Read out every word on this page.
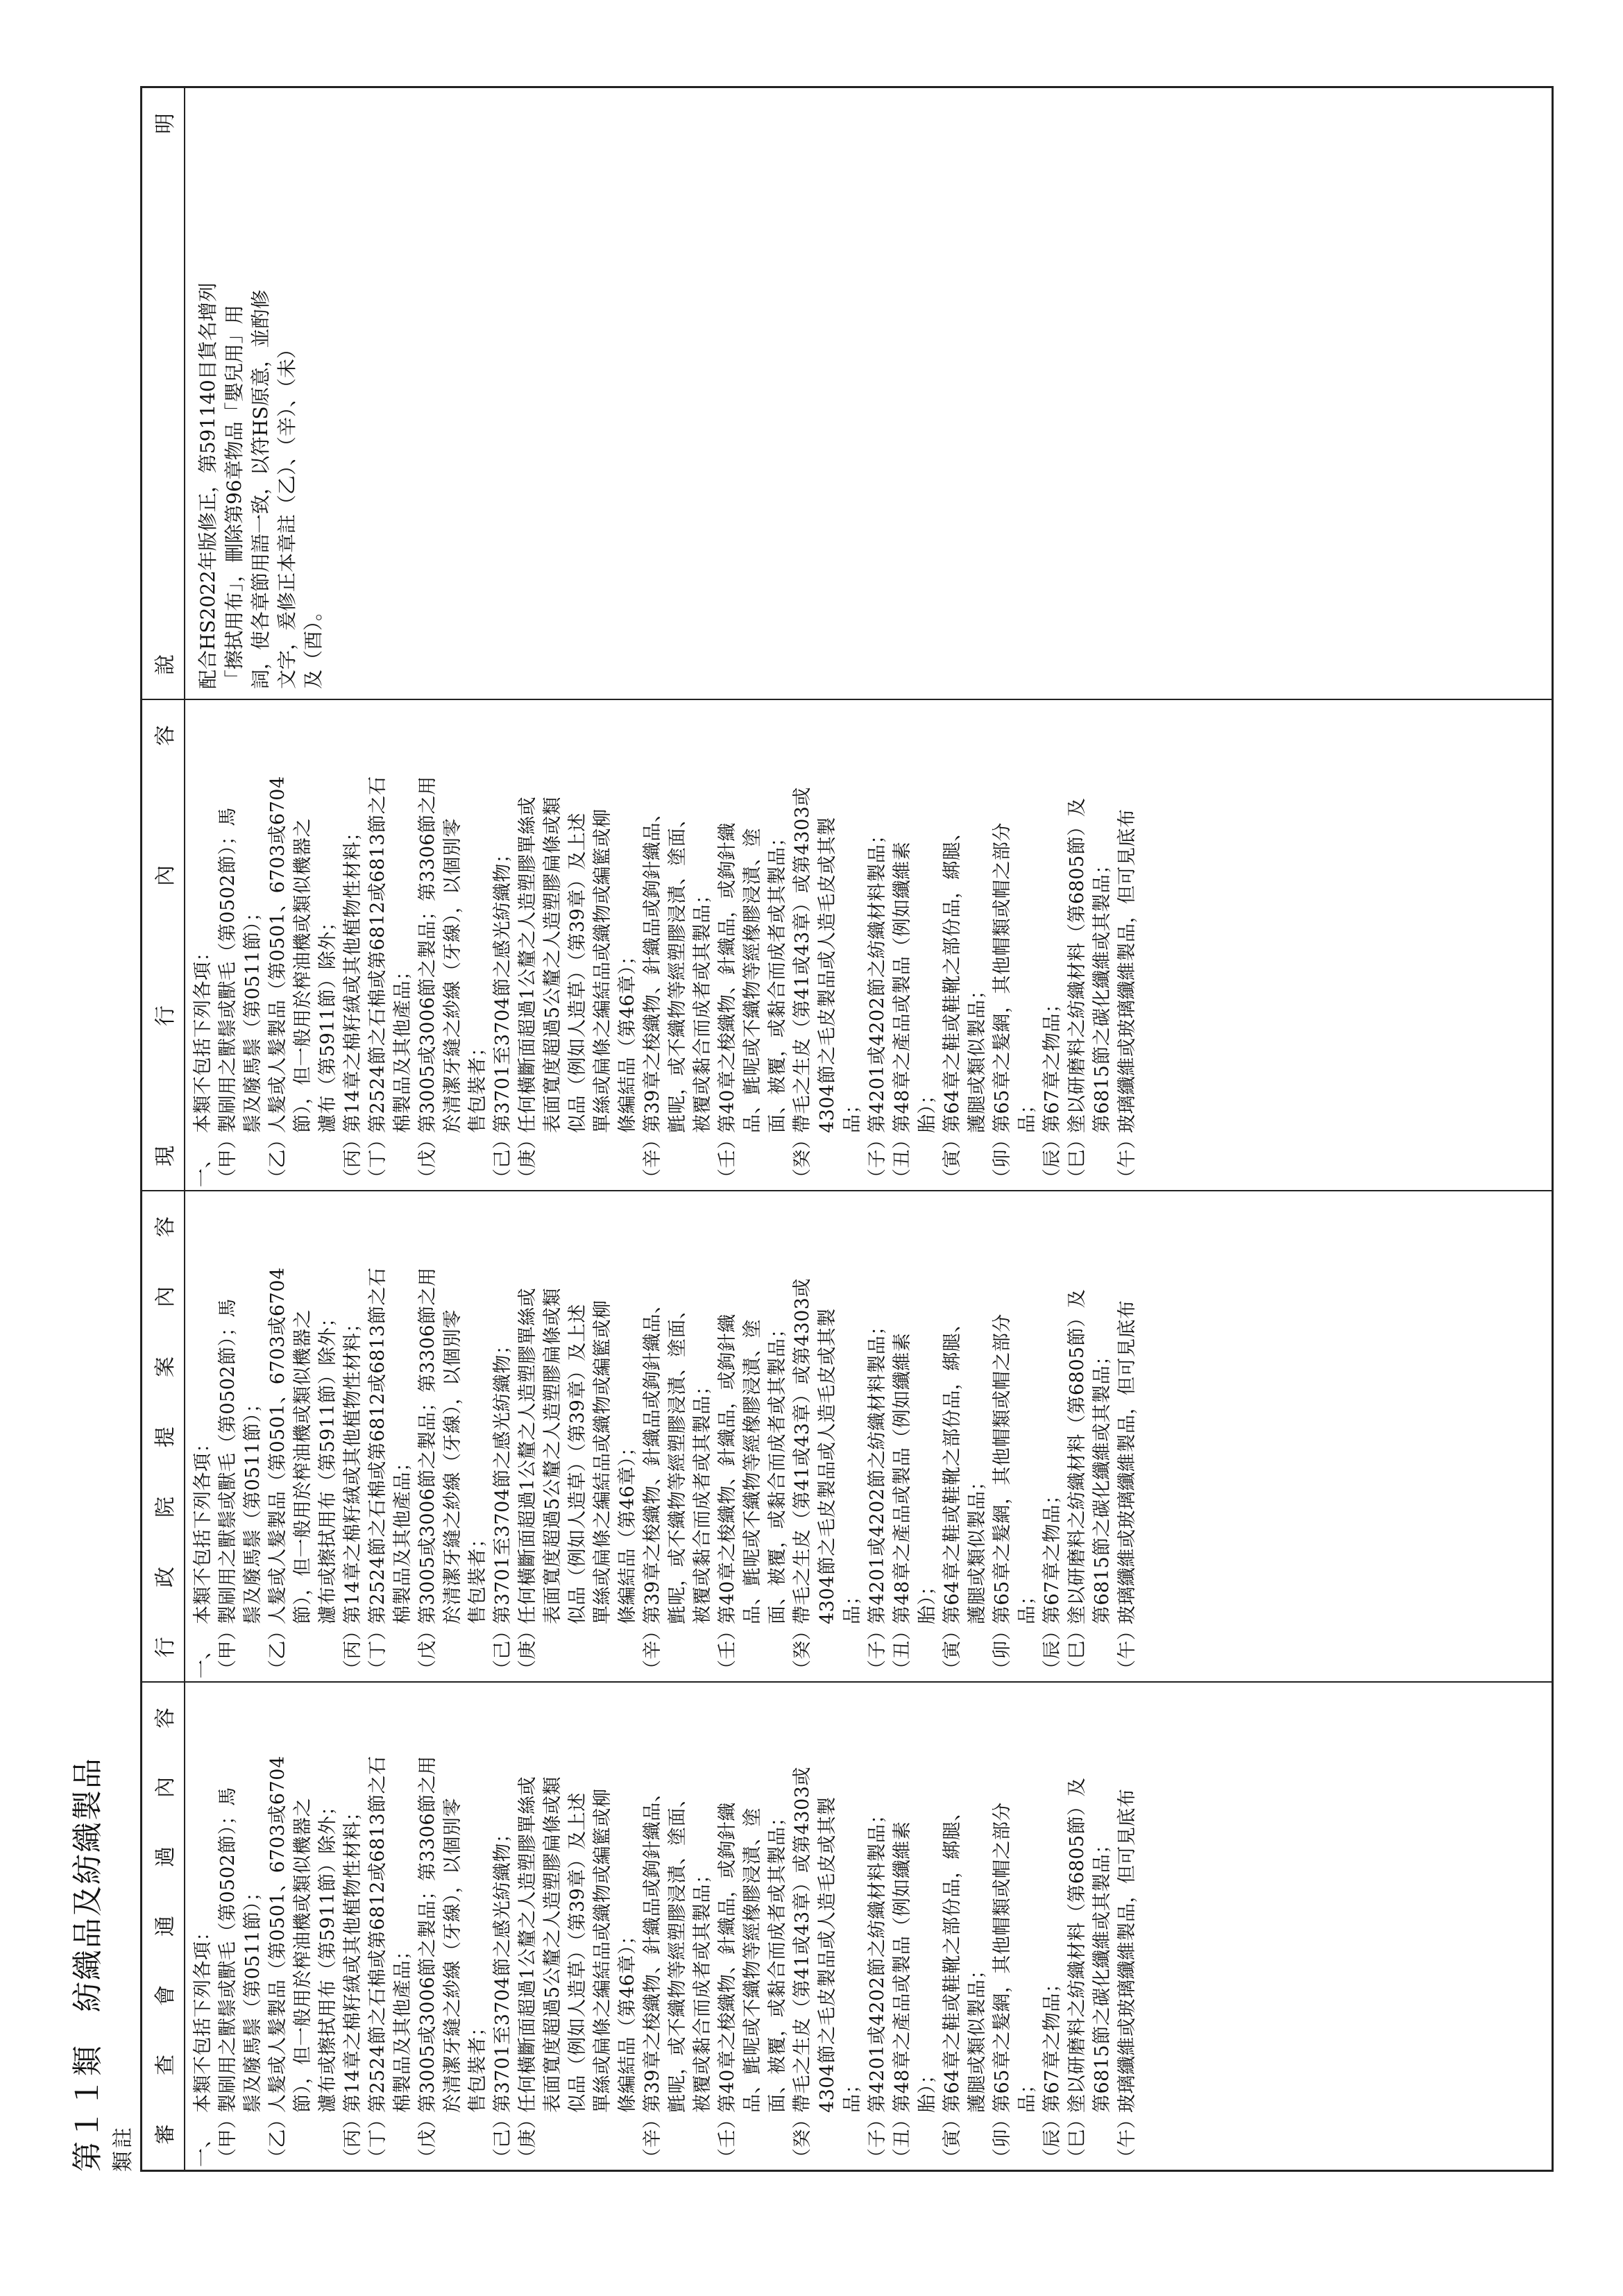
第１１類　紡織品及紡織製品 類註 審
查
會
通
過
內
容
行
政
院
提
案
內
容
現
行
內
容
說
明
一、
本類不包括下列各項：
（甲）
製刷用之獸鬃或獸毛（第0502節）；馬 鬃及廢馬鬃（第0511節）；
（乙）
人髮或人髮製品（第0501、6703或6704 節），但一般用於榨油機或類似機器之 濾布或擦拭用布（第5911節）除外；
（丙）
第14章之棉籽絨或其他植物性材料；
（丁）
第2524節之石棉或第6812或6813節之石 棉製品及其他產品；
（戊）
第3005或3006節之製品；第3306節之用 於清潔牙縫之紗線（牙線），以個別零 售包裝者；
（己）
第3701至3704節之感光紡織物；
（庚）
任何橫斷面超過1公釐之人造塑膠單絲或 表面寬度超過5公釐之人造塑膠扁條或類 似品（例如人造草）（第39章）及上述 單絲或扁條之編結品或織物或編籃或柳 條編結品（第46章）；
（辛）
第39章之梭織物、針織品或鉤針織品、 氈呢，或不織物等經塑膠浸漬、塗面、 被覆或黏合而成者或其製品；
（壬）
第40章之梭織物、針織品，或鉤針織 品、氈呢或不織物等經橡膠浸漬、塗 面、被覆，或黏合而成者或其製品；
（癸）
帶毛之生皮（第41或43章）或第4303或 4304節之毛皮製品或人造毛皮或其製 品；
（子）
第4201或4202節之紡織材料製品；
（丑）
第48章之產品或製品（例如纖維素 胎）；
（寅）
第64章之鞋或鞋靴之部份品，綁腿、 護腿或類似製品；
（卯）
第65章之髮網，其他帽類或帽之部分 品；
（辰）
第67章之物品；
（巳）
塗以研磨料之紡織材料（第6805節）及 第6815節之碳化纖維或其製品；
（午）
玻璃纖維或玻璃纖維製品，但可見底布
一、
本類不包括下列各項：
（甲）
製刷用之獸鬃或獸毛（第0502節）；馬 鬃及廢馬鬃（第0511節）；
（乙）
人髮或人髮製品（第0501、6703或6704 節），但一般用於榨油機或類似機器之 濾布或擦拭用布（第5911節）除外；
（丙）
第14章之棉籽絨或其他植物性材料；
（丁）
第2524節之石棉或第6812或6813節之石 棉製品及其他產品；
（戊）
第3005或3006節之製品；第3306節之用 於清潔牙縫之紗線（牙線），以個別零 售包裝者；
（己）
第3701至3704節之感光紡織物；
（庚）
任何橫斷面超過1公釐之人造塑膠單絲或 表面寬度超過5公釐之人造塑膠扁條或類 似品（例如人造草）（第39章）及上述 單絲或扁條之編結品或織物或編籃或柳 條編結品（第46章）；
（辛）
第39章之梭織物、針織品或鉤針織品、 氈呢，或不織物等經塑膠浸漬、塗面、 被覆或黏合而成者或其製品；
（壬）
第40章之梭織物、針織品，或鉤針織 品、氈呢或不織物等經橡膠浸漬、塗 面、被覆，或黏合而成者或其製品；
（癸）
帶毛之生皮（第41或43章）或第4303或 4304節之毛皮製品或人造毛皮或其製 品；
（子）
第4201或4202節之紡織材料製品；
（丑）
第48章之產品或製品（例如纖維素 胎）；
（寅）
第64章之鞋或鞋靴之部份品，綁腿、 護腿或類似製品；
（卯）
第65章之髮網，其他帽類或帽之部分 品；
（辰）
第67章之物品；
（巳）
塗以研磨料之紡織材料（第6805節）及 第6815節之碳化纖維或其製品；
（午）
玻璃纖維或玻璃纖維製品，但可見底布
一、
本類不包括下列各項：
（甲）
製刷用之獸鬃或獸毛（第0502節）；馬 鬃及廢馬鬃（第0511節）；
（乙）
人髮或人髮製品（第0501、6703或6704 節），但一般用於榨油機或類似機器之 濾布（第5911節）除外；
（丙）
第14章之棉籽絨或其他植物性材料；
（丁）
第2524節之石棉或第6812或6813節之石 棉製品及其他產品；
（戊）
第3005或3006節之製品；第3306節之用 於清潔牙縫之紗線（牙線），以個別零 售包裝者；
（己）
第3701至3704節之感光紡織物；
（庚）
任何橫斷面超過1公釐之人造塑膠單絲或 表面寬度超過5公釐之人造塑膠扁條或類 似品（例如人造草）（第39章）及上述 單絲或扁條之編結品或織物或編籃或柳 條編結品（第46章）；
（辛）
第39章之梭織物、針織品或鉤針織品、 氈呢，或不織物等經塑膠浸漬、塗面、 被覆或黏合而成者或其製品；
（壬）
第40章之梭織物、針織品，或鉤針織 品、氈呢或不織物等經橡膠浸漬、塗 面、被覆，或黏合而成者或其製品；
（癸）
帶毛之生皮（第41或43章）或第4303或 4304節之毛皮製品或人造毛皮或其製 品；
（子）
第4201或4202節之紡織材料製品；
（丑）
第48章之產品或製品（例如纖維素 胎）；
（寅）
第64章之鞋或鞋靴之部份品，綁腿、 護腿或類似製品；
（卯）
第65章之髮網，其他帽類或帽之部分 品；
（辰）
第67章之物品；
（巳）
塗以研磨料之紡織材料（第6805節）及 第6815節之碳化纖維或其製品；
（午）
玻璃纖維或玻璃纖維製品，但可見底布
配合HS2022年版修正，第591140目貨名增列 「擦拭用布」，刪除第96章物品「嬰兒用」用 詞，使各章節用語一致，以符HS原意，並酌修 文字，爰修正本章註（乙）、（辛）、（未） 及（酉）。
